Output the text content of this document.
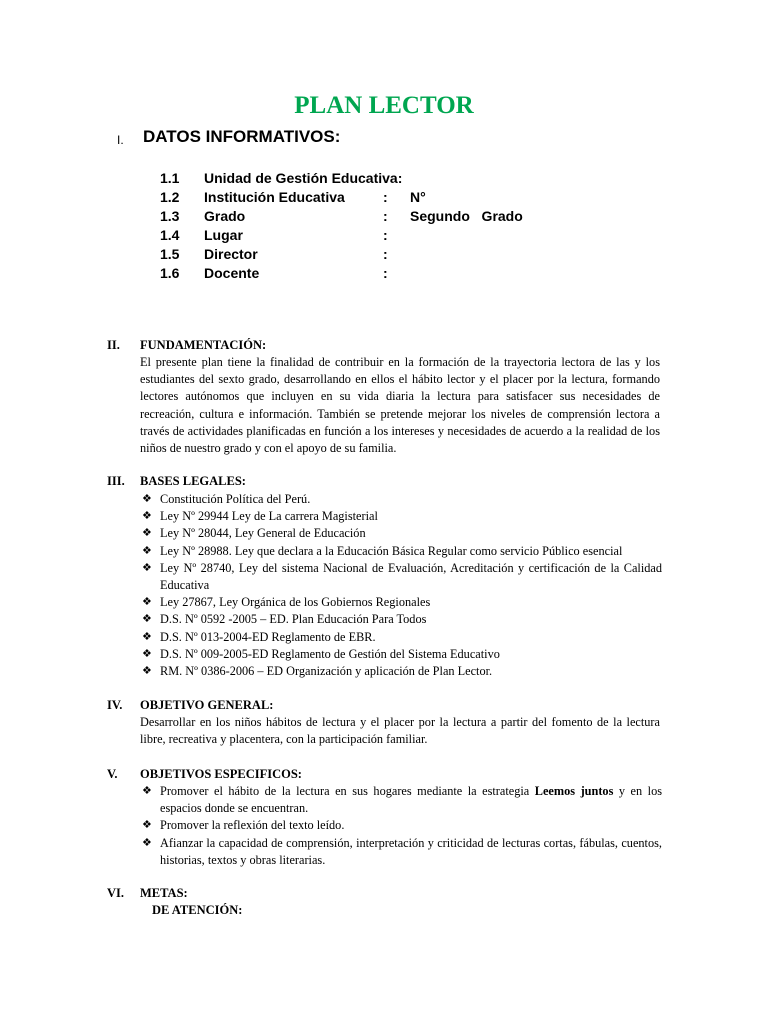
PLAN LECTOR
I. DATOS INFORMATIVOS:
1.1 Unidad de Gestión Educativa:
1.2 Institución Educativa	: N°
1.3 Grado	: Segundo   Grado
1.4 Lugar	:
1.5 Director	:
1.6 Docente	:
II. FUNDAMENTACIÓN:

El presente plan tiene la finalidad de contribuir en la formación de la trayectoria lectora de las y los estudiantes del sexto grado, desarrollando en ellos el hábito lector y el placer por la lectura, formando lectores autónomos que incluyen en su vida diaria la lectura para satisfacer sus necesidades de recreación, cultura e información. También se pretende mejorar los niveles de comprensión lectora a través de actividades planificadas en función a los intereses y necesidades de acuerdo a la realidad de los niños de nuestro grado y con el apoyo de su familia.

III. BASES LEGALES:
❖ Constitución Política del Perú.
❖ Ley Nº 29944 Ley de La carrera Magisterial
❖ Ley Nº 28044, Ley General de Educación
❖ Ley Nº 28988. Ley que declara a la Educación Básica Regular como servicio Público esencial
❖ Ley Nº 28740, Ley del sistema Nacional de Evaluación, Acreditación y certificación de la Calidad Educativa
❖ Ley 27867, Ley Orgánica de los Gobiernos Regionales
❖ D.S. Nº 0592 -2005 – ED. Plan Educación Para Todos
❖ D.S. Nº 013-2004-ED Reglamento de EBR.
❖ D.S. Nº 009-2005-ED Reglamento de Gestión del Sistema Educativo
❖ RM. Nº 0386-2006 – ED Organización y aplicación de Plan Lector.
IV. OBJETIVO GENERAL:

Desarrollar en los niños hábitos de lectura y el placer por la lectura a partir del fomento de la lectura libre, recreativa y placentera, con la participación familiar.

V. OBJETIVOS ESPECIFICOS:
❖ Promover el hábito de la lectura en sus hogares mediante la estrategia Leemos juntos y en los espacios donde se encuentran.
❖ Promover la reflexión del texto leído.
❖ Afianzar la capacidad de comprensión, interpretación y criticidad de lecturas cortas, fábulas, cuentos, historias, textos y obras literarias.
VI. METAS:
DE ATENCIÓN:
